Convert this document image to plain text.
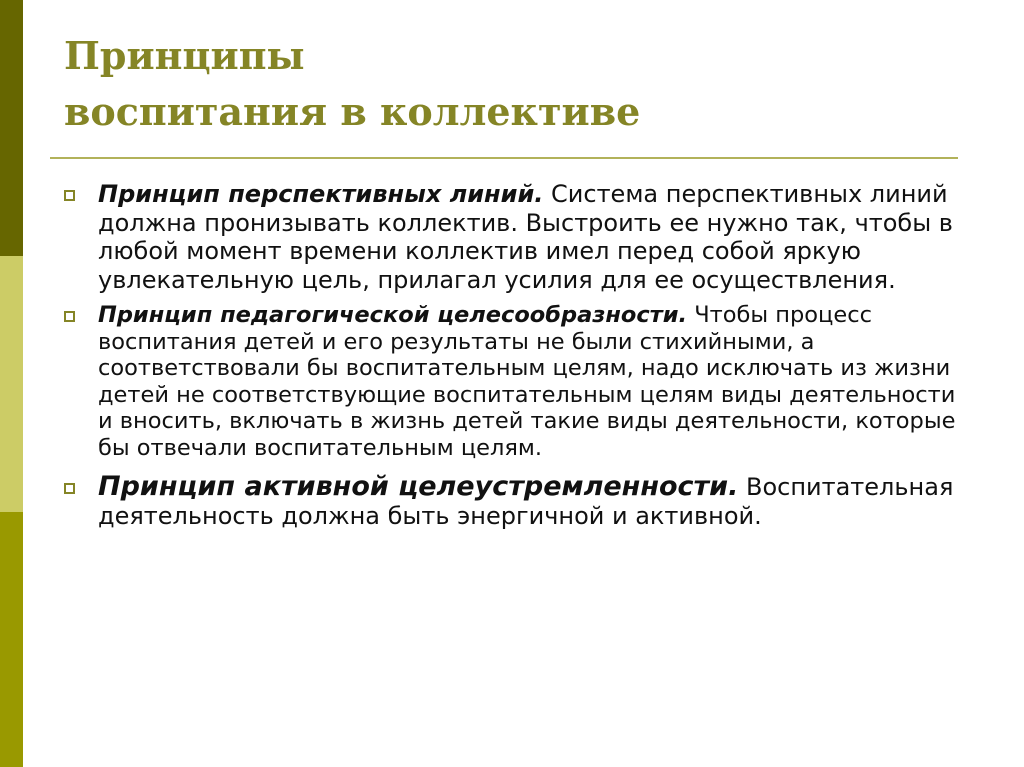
Принципы
воспитания в коллективе
Принцип перспективных линий. Система перспективных линий должна пронизывать коллектив. Выстроить ее нужно так, чтобы в любой момент времени коллектив имел перед собой яркую увлекательную цель, прилагал усилия для ее осуществления.
Принцип педагогической целесообразности. Чтобы процесс воспитания детей и его результаты не были стихийными, а соответствовали бы воспитательным целям, надо исключать из жизни детей не соответствующие воспитательным целям виды деятельности и вносить, включать в жизнь детей такие виды деятельности, которые бы отвечали воспитательным целям.
Принцип активной целеустремленности. Воспитательная деятельность должна быть энергичной и активной.
